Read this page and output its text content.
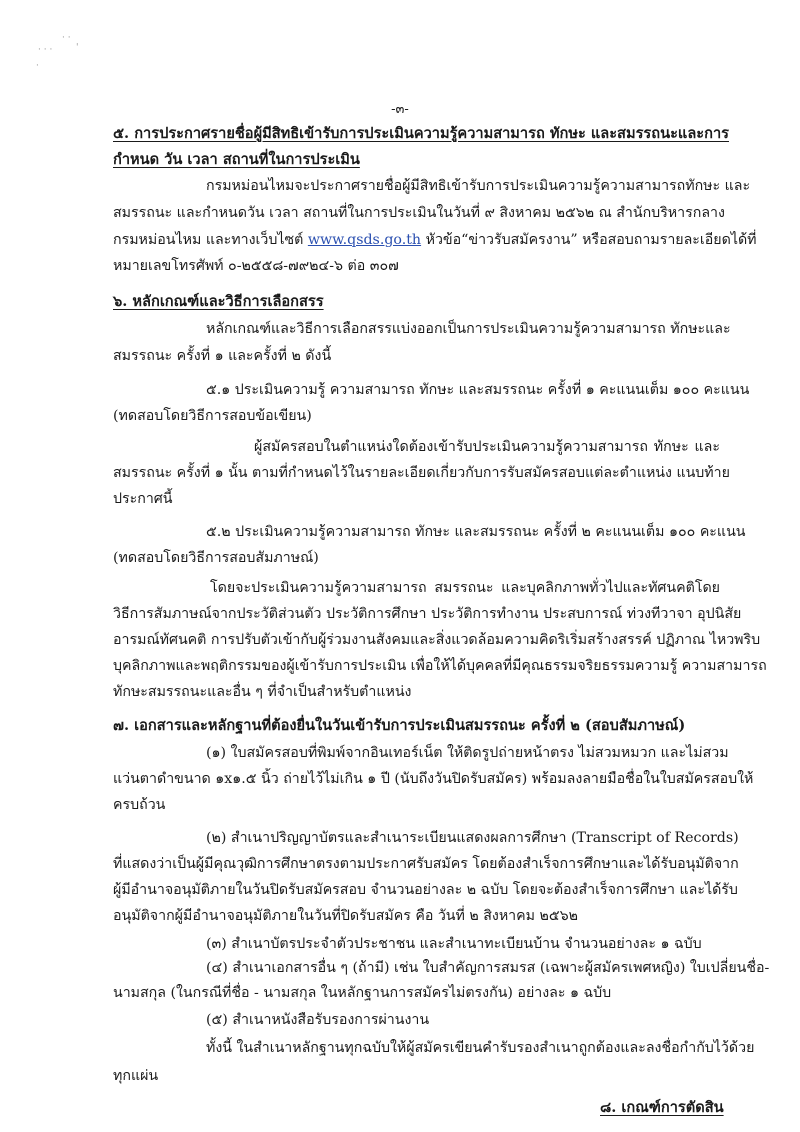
· ·
· · ·
·
'
-๓-
๕. การประกาศรายชื่อผู้มีสิทธิเข้ารับการประเมินความรู้ความสามารถ ทักษะ และสมรรถนะและการ
กำหนด วัน เวลา สถานที่ในการประเมิน
กรมหม่อนไหมจะประกาศรายชื่อผู้มีสิทธิเข้ารับการประเมินความรู้ความสามารถทักษะ และ
สมรรถนะ และกำหนดวัน เวลา สถานที่ในการประเมินในวันที่ ๙ สิงหาคม ๒๕๖๒ ณ สำนักบริหารกลาง
กรมหม่อนไหม และทางเว็บไซต์ www.qsds.go.th หัวข้อ“ข่าวรับสมัครงาน” หรือสอบถามรายละเอียดได้ที่
หมายเลขโทรศัพท์ ๐-๒๕๕๘-๗๙๒๔-๖ ต่อ ๓๐๗
๖. หลักเกณฑ์และวิธีการเลือกสรร
หลักเกณฑ์และวิธีการเลือกสรรแบ่งออกเป็นการประเมินความรู้ความสามารถ ทักษะและ
สมรรถนะ ครั้งที่ ๑ และครั้งที่ ๒ ดังนี้
๕.๑ ประเมินความรู้ ความสามารถ ทักษะ และสมรรถนะ ครั้งที่ ๑ คะแนนเต็ม ๑๐๐ คะแนน
(ทดสอบโดยวิธีการสอบข้อเขียน)
ผู้สมัครสอบในตำแหน่งใดต้องเข้ารับประเมินความรู้ความสามารถ ทักษะ และ
สมรรถนะ ครั้งที่ ๑ นั้น ตามที่กำหนดไว้ในรายละเอียดเกี่ยวกับการรับสมัครสอบแต่ละตำแหน่ง แนบท้าย
ประกาศนี้
๕.๒ ประเมินความรู้ความสามารถ ทักษะ และสมรรถนะ ครั้งที่ ๒ คะแนนเต็ม ๑๐๐ คะแนน
(ทดสอบโดยวิธีการสอบสัมภาษณ์)
โดยจะประเมินความรู้ความสามารถ สมรรถนะ และบุคลิกภาพทั่วไปและทัศนคติโดย
วิธีการสัมภาษณ์จากประวัติส่วนตัว ประวัติการศึกษา ประวัติการทำงาน ประสบการณ์ ท่วงทีวาจา อุปนิสัย
อารมณ์ทัศนคติ การปรับตัวเข้ากับผู้ร่วมงานสังคมและสิ่งแวดล้อมความคิดริเริ่มสร้างสรรค์ ปฏิภาณ ไหวพริบ
บุคลิกภาพและพฤติกรรมของผู้เข้ารับการประเมิน เพื่อให้ได้บุคคลที่มีคุณธรรมจริยธรรมความรู้ ความสามารถ
ทักษะสมรรถนะและอื่น ๆ ที่จำเป็นสำหรับตำแหน่ง
๗. เอกสารและหลักฐานที่ต้องยื่นในวันเข้ารับการประเมินสมรรถนะ ครั้งที่ ๒ (สอบสัมภาษณ์)
(๑) ใบสมัครสอบที่พิมพ์จากอินเทอร์เน็ต ให้ติดรูปถ่ายหน้าตรง ไม่สวมหมวก และไม่สวม
แว่นตาดำขนาด ๑x๑.๕ นิ้ว ถ่ายไว้ไม่เกิน ๑ ปี (นับถึงวันปิดรับสมัคร) พร้อมลงลายมือชื่อในใบสมัครสอบให้
ครบถ้วน
(๒) สำเนาปริญญาบัตรและสำเนาระเบียนแสดงผลการศึกษา (Transcript of Records)
ที่แสดงว่าเป็นผู้มีคุณวุฒิการศึกษาตรงตามประกาศรับสมัคร โดยต้องสำเร็จการศึกษาและได้รับอนุมัติจาก
ผู้มีอำนาจอนุมัติภายในวันปิดรับสมัครสอบ จำนวนอย่างละ ๒ ฉบับ โดยจะต้องสำเร็จการศึกษา และได้รับ
อนุมัติจากผู้มีอำนาจอนุมัติภายในวันที่ปิดรับสมัคร คือ วันที่ ๒ สิงหาคม ๒๕๖๒
(๓) สำเนาบัตรประจำตัวประชาชน และสำเนาทะเบียนบ้าน จำนวนอย่างละ ๑ ฉบับ
(๔) สำเนาเอกสารอื่น ๆ (ถ้ามี) เช่น ใบสำคัญการสมรส (เฉพาะผู้สมัครเพศหญิง) ใบเปลี่ยนชื่อ-
นามสกุล (ในกรณีที่ชื่อ - นามสกุล ในหลักฐานการสมัครไม่ตรงกัน) อย่างละ ๑ ฉบับ
(๕) สำเนาหนังสือรับรองการผ่านงาน
ทั้งนี้ ในสำเนาหลักฐานทุกฉบับให้ผู้สมัครเขียนคำรับรองสำเนาถูกต้องและลงชื่อกำกับไว้ด้วย
ทุกแผ่น
๘. เกณฑ์การตัดสิน
